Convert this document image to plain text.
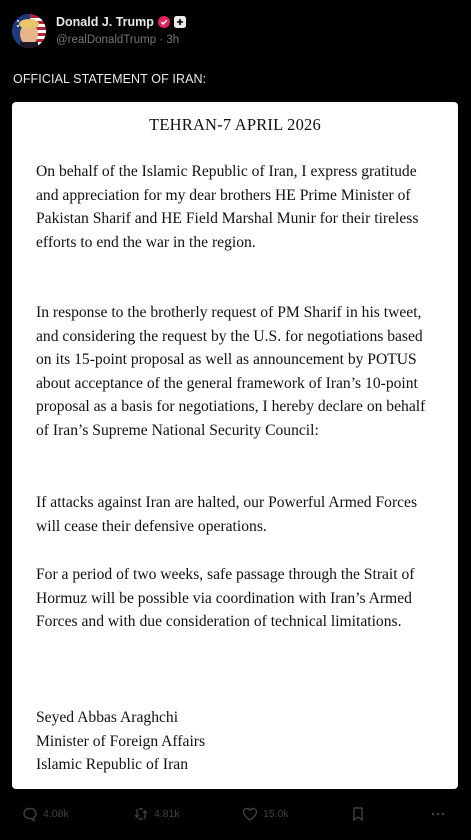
Donald J. Trump
@realDonaldTrump · 3h
OFFICIAL STATEMENT OF IRAN:
TEHRAN-7 APRIL 2026
On behalf of the Islamic Republic of Iran, I express gratitude and appreciation for my dear brothers HE Prime Minister of Pakistan Sharif and HE Field Marshal Munir for their tireless efforts to end the war in the region.
In response to the brotherly request of PM Sharif in his tweet, and considering the request by the U.S. for negotiations based on its 15-point proposal as well as announcement by POTUS about acceptance of the general framework of Iran’s 10-point proposal as a basis for negotiations, I hereby declare on behalf of Iran’s Supreme National Security Council:
If attacks against Iran are halted, our Powerful Armed Forces will cease their defensive operations.
For a period of two weeks, safe passage through the Strait of Hormuz will be possible via coordination with Iran’s Armed Forces and with due consideration of technical limitations.
Seyed Abbas Araghchi
Minister of Foreign Affairs
Islamic Republic of Iran
4.08k	4.81k	15.0k
